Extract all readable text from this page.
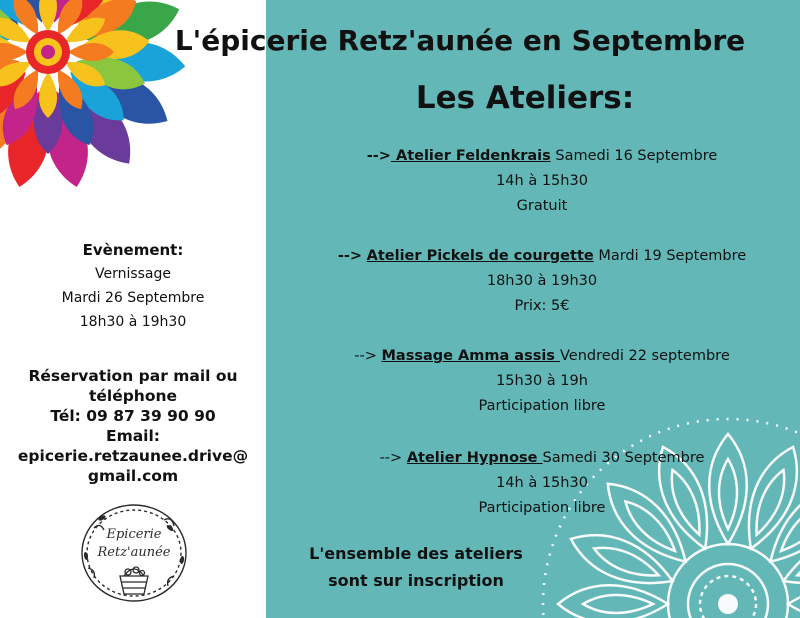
L'épicerie Retz'aunée en Septembre
Les Ateliers:
Evènement:
Vernissage
Mardi 26 Septembre
18h30 à 19h30
Réservation par mail ou
téléphone
Tél: 09 87 39 90 90
Email:
epicerie.retzaunee.drive@
gmail.com
Epicerie
Retz'aunée
--> Atelier Feldenkrais Samedi 16 Septembre
14h à 15h30
Gratuit
--> Atelier Pickels de courgette Mardi 19 Septembre
18h30 à 19h30
Prix: 5€
--> Massage Amma assis Vendredi 22 septembre
15h30 à 19h
Participation libre
--> Atelier Hypnose Samedi 30 Septembre
14h à 15h30
Participation libre
L'ensemble des ateliers
sont sur inscription
